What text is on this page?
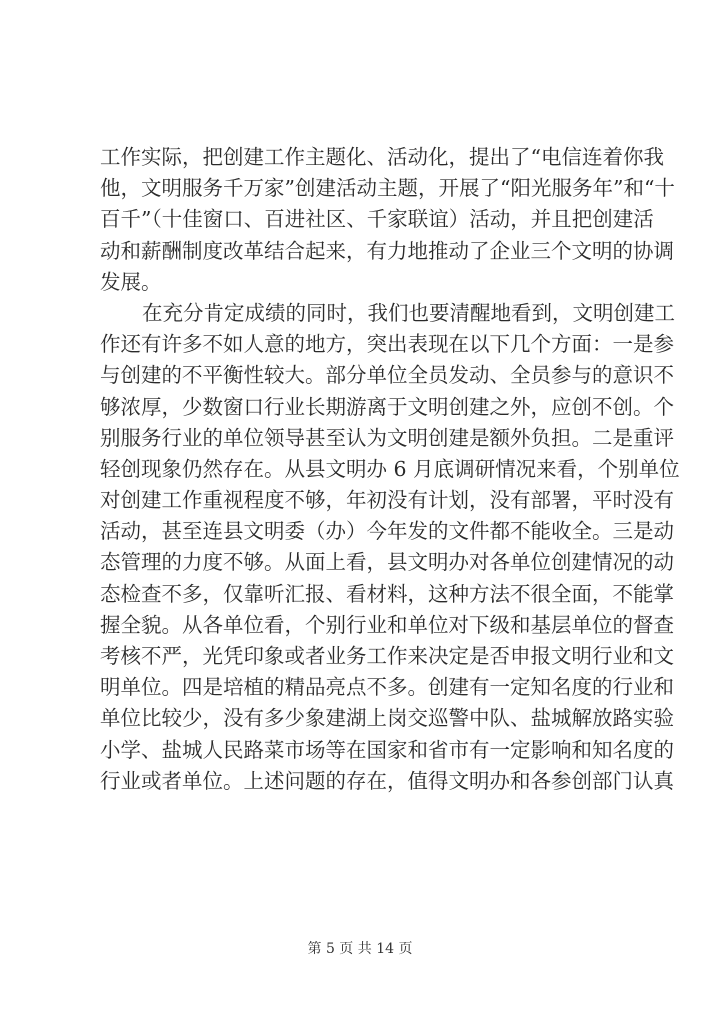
工作实际，把创建工作主题化、活动化，提出了“电信连着你我
他，文明服务千万家”创建活动主题，开展了“阳光服务年”和“十
百千”（十佳窗口、百进社区、千家联谊）活动，并且把创建活
动和薪酬制度改革结合起来，有力地推动了企业三个文明的协调
发展。
在充分肯定成绩的同时，我们也要清醒地看到，文明创建工
作还有许多不如人意的地方，突出表现在以下几个方面：一是参
与创建的不平衡性较大。部分单位全员发动、全员参与的意识不
够浓厚，少数窗口行业长期游离于文明创建之外，应创不创。个
别服务行业的单位领导甚至认为文明创建是额外负担。二是重评
轻创现象仍然存在。从县文明办 6 月底调研情况来看，个别单位
对创建工作重视程度不够，年初没有计划，没有部署，平时没有
活动，甚至连县文明委（办）今年发的文件都不能收全。三是动
态管理的力度不够。从面上看，县文明办对各单位创建情况的动
态检查不多，仅靠听汇报、看材料，这种方法不很全面，不能掌
握全貌。从各单位看，个别行业和单位对下级和基层单位的督查
考核不严，光凭印象或者业务工作来决定是否申报文明行业和文
明单位。四是培植的精品亮点不多。创建有一定知名度的行业和
单位比较少，没有多少象建湖上岗交巡警中队、盐城解放路实验
小学、盐城人民路菜市场等在国家和省市有一定影响和知名度的
行业或者单位。上述问题的存在，值得文明办和各参创部门认真
第 5 页 共 14 页
